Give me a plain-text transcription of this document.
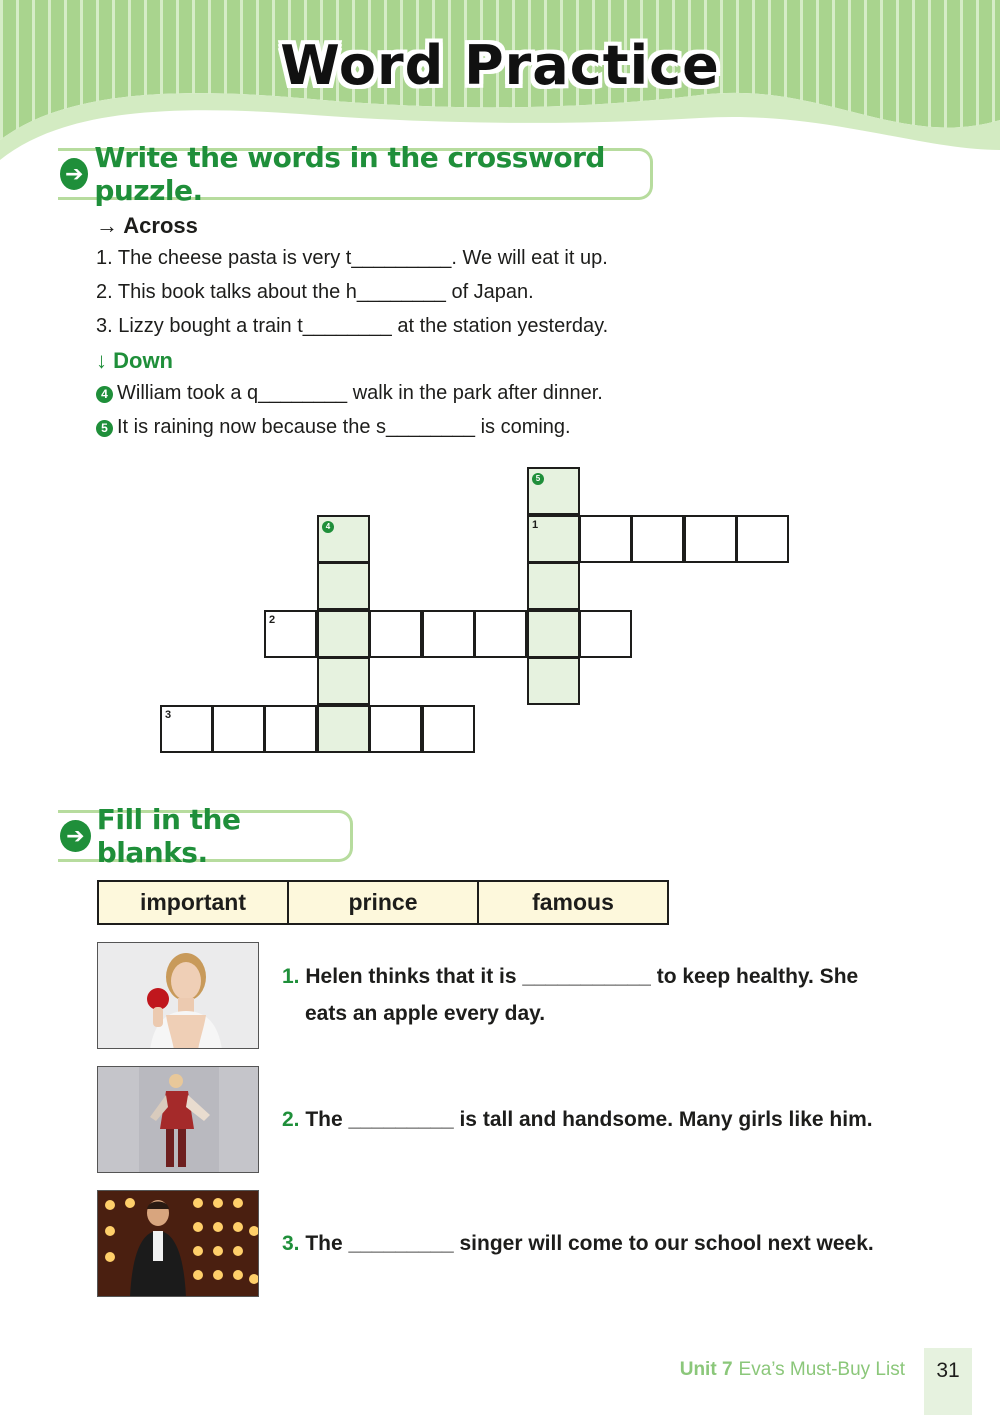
Word Practice
➔ Write the words in the crossword puzzle.
→ Across
1. The cheese pasta is very t_________. We will eat it up.
2. This book talks about the h________ of Japan.
3. Lizzy bought a train t________ at the station yesterday.
↓ Down
4 William took a q________ walk in the park after dinner.
5 It is raining now because the s________ is coming.
5
1
4
2
3
➔ Fill in the blanks.
important	prince	famous
1. Helen thinks that it is ___________ to keep healthy. She
eats an apple every day.
2. The _________ is tall and handsome. Many girls like him.
3. The _________ singer will come to our school next week.
Unit 7 Eva’s Must-Buy List	31
